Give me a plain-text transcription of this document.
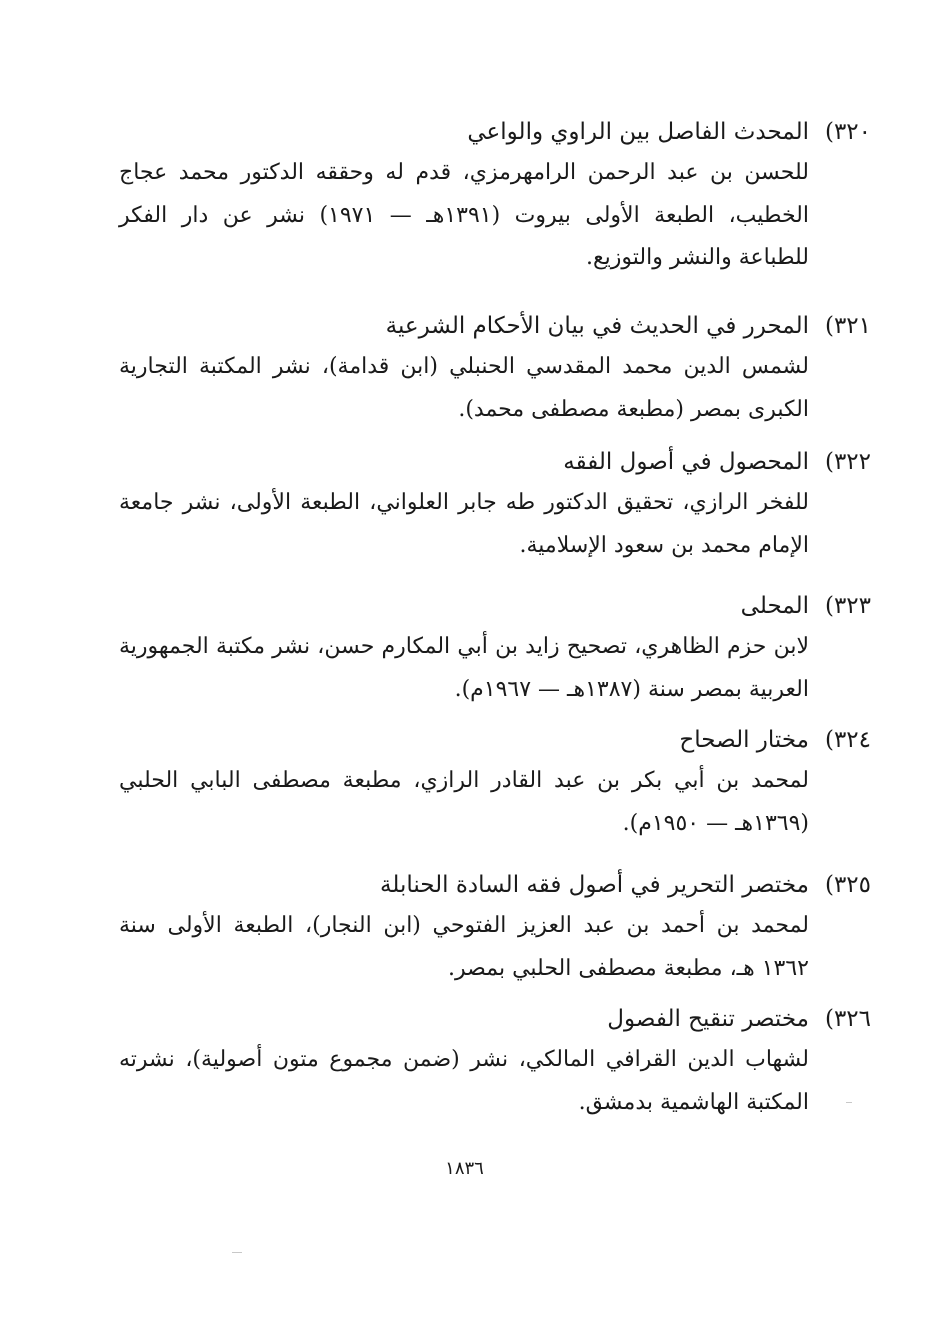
٣٢٠)
المحدث الفاصل بين الراوي والواعي
للحسن بن عبد الرحمن الرامهرمزي، قدم له وحققه الدكتور محمد عجاج الخطيب، الطبعة الأولى بيروت (١٣٩١هـ — ١٩٧١) نشر عن دار الفكر للطباعة والنشر والتوزيع.
٣٢١)
المحرر في الحديث في بيان الأحكام الشرعية
لشمس الدين محمد المقدسي الحنبلي (ابن قدامة)، نشر المكتبة التجارية الكبرى بمصر (مطبعة مصطفى محمد).
٣٢٢)
المحصول في أصول الفقه
للفخر الرازي، تحقيق الدكتور طه جابر العلواني، الطبعة الأولى، نشر جامعة الإمام محمد بن سعود الإسلامية.
٣٢٣)
المحلى
لابن حزم الظاهري، تصحيح زايد بن أبي المكارم حسن، نشر مكتبة الجمهورية العربية بمصر سنة (١٣٨٧هـ — ١٩٦٧م).
٣٢٤)
مختار الصحاح
لمحمد بن أبي بكر بن عبد القادر الرازي، مطبعة مصطفى البابي الحلبي (١٣٦٩هـ — ١٩٥٠م).
٣٢٥)
مختصر التحرير في أصول فقه السادة الحنابلة
لمحمد بن أحمد بن عبد العزيز الفتوحي (ابن النجار)، الطبعة الأولى سنة ١٣٦٢ هـ، مطبعة مصطفى الحلبي بمصر.
٣٢٦)
مختصر تنقيح الفصول
لشهاب الدين القرافي المالكي، نشر (ضمن مجموع متون أصولية)، نشرته المكتبة الهاشمية بدمشق.
١٨٣٦
